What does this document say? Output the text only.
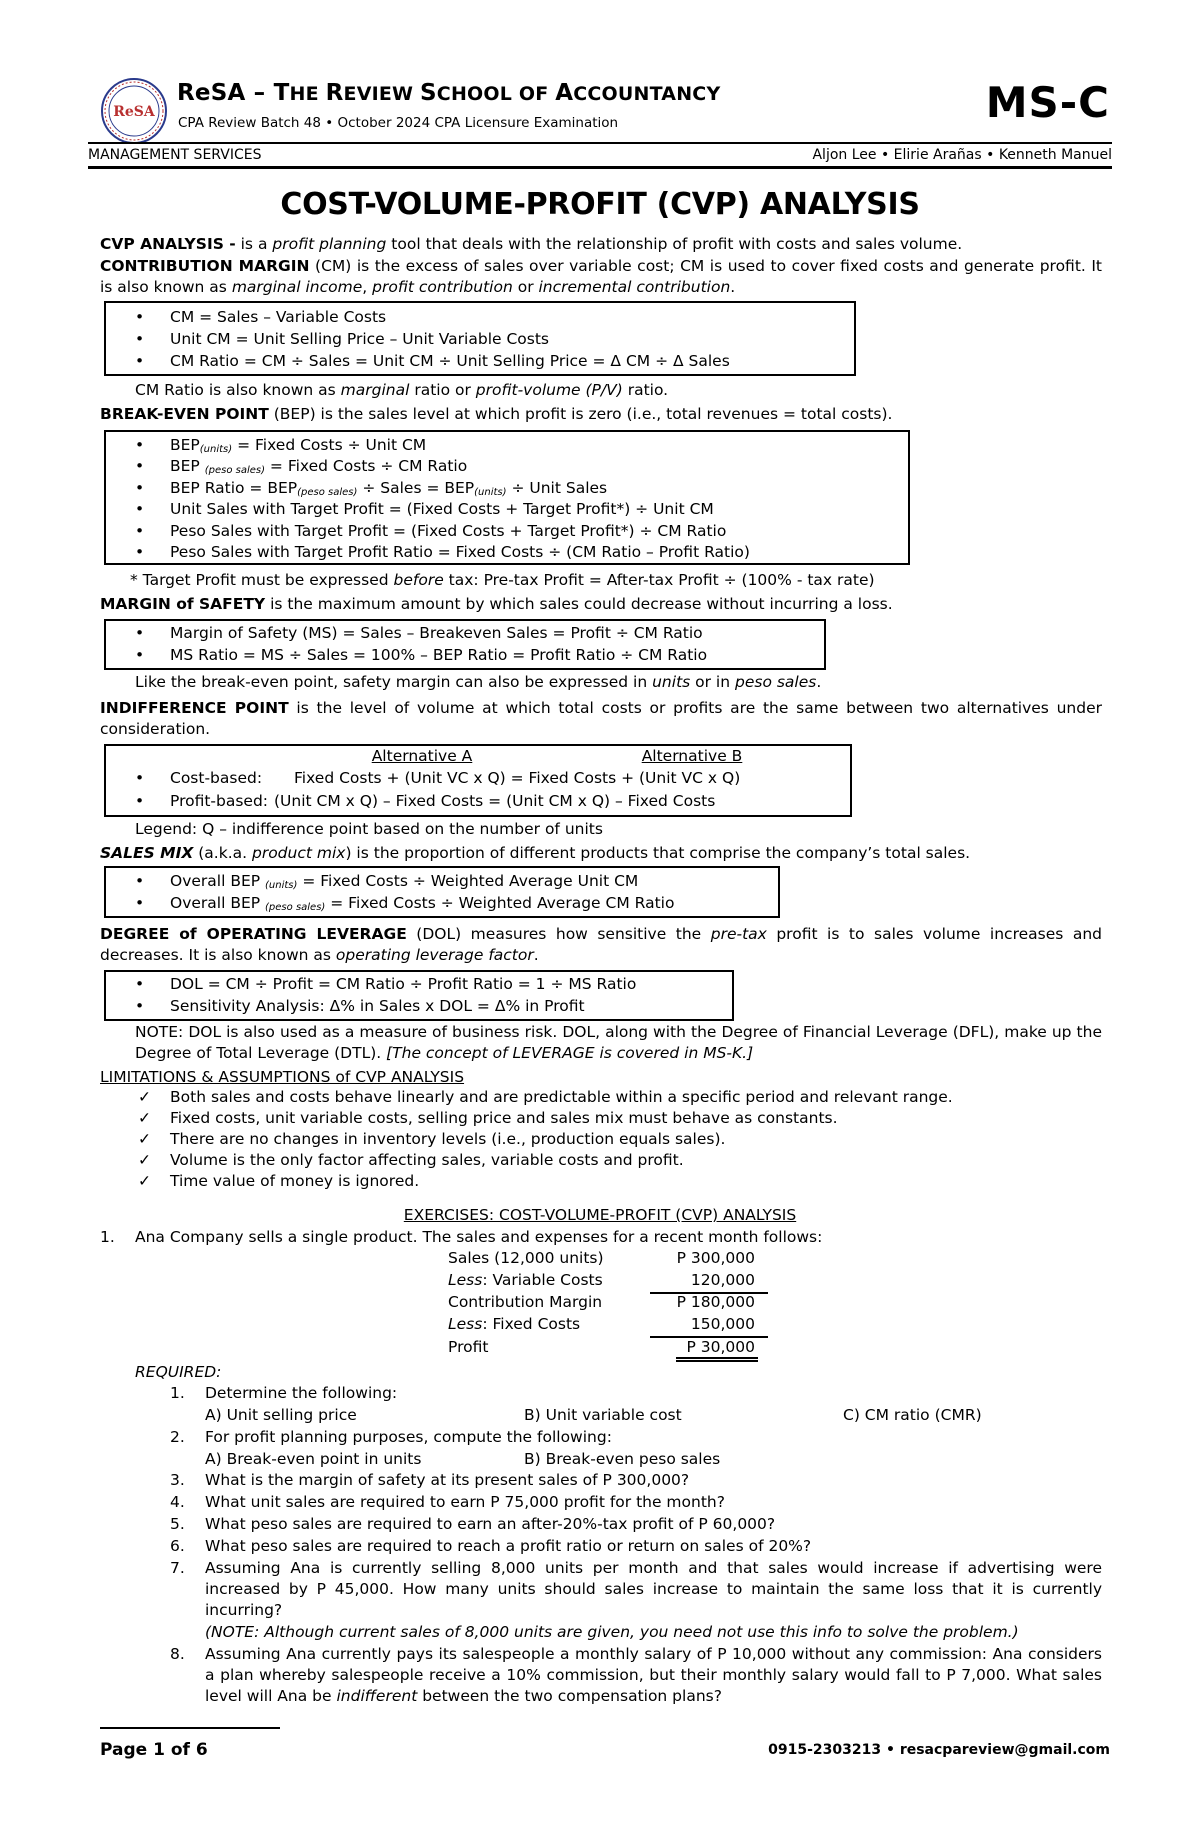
ReSA
ReSA – THE REVIEW SCHOOL OF ACCOUNTANCY
CPA Review Batch 48 • October 2024 CPA Licensure Examination	MS-C
MANAGEMENT SERVICES	Aljon Lee • Elirie Arañas • Kenneth Manuel
COST-VOLUME-PROFIT (CVP) ANALYSIS
CVP ANALYSIS - is a profit planning tool that deals with the relationship of profit with costs and sales volume.
CONTRIBUTION MARGIN (CM) is the excess of sales over variable cost; CM is used to cover fixed costs and generate profit. It is also known as marginal income, profit contribution or incremental contribution.
• CM = Sales – Variable Costs
• Unit CM = Unit Selling Price – Unit Variable Costs
• CM Ratio = CM ÷ Sales = Unit CM ÷ Unit Selling Price = Δ CM ÷ Δ Sales
CM Ratio is also known as marginal ratio or profit-volume (P/V) ratio.
BREAK-EVEN POINT (BEP) is the sales level at which profit is zero (i.e., total revenues = total costs).
• BEP(units) = Fixed Costs ÷ Unit CM
• BEP (peso sales) = Fixed Costs ÷ CM Ratio
• BEP Ratio = BEP(peso sales) ÷ Sales = BEP(units) ÷ Unit Sales
• Unit Sales with Target Profit = (Fixed Costs + Target Profit*) ÷ Unit CM
• Peso Sales with Target Profit = (Fixed Costs + Target Profit*) ÷ CM Ratio
• Peso Sales with Target Profit Ratio = Fixed Costs ÷ (CM Ratio – Profit Ratio)
* Target Profit must be expressed before tax: Pre-tax Profit = After-tax Profit ÷ (100% - tax rate)
MARGIN of SAFETY is the maximum amount by which sales could decrease without incurring a loss.
• Margin of Safety (MS) = Sales – Breakeven Sales = Profit ÷ CM Ratio
• MS Ratio = MS ÷ Sales = 100% – BEP Ratio = Profit Ratio ÷ CM Ratio
Like the break-even point, safety margin can also be expressed in units or in peso sales.
INDIFFERENCE POINT is the level of volume at which total costs or profits are the same between two alternatives under consideration.
Alternative A	Alternative B
• Cost-based: Fixed Costs + (Unit VC x Q) = Fixed Costs + (Unit VC x Q)
• Profit-based: (Unit CM x Q) – Fixed Costs = (Unit CM x Q) – Fixed Costs
Legend: Q – indifference point based on the number of units
SALES MIX (a.k.a. product mix) is the proportion of different products that comprise the company’s total sales.
• Overall BEP (units) = Fixed Costs ÷ Weighted Average Unit CM
• Overall BEP (peso sales) = Fixed Costs ÷ Weighted Average CM Ratio
DEGREE of OPERATING LEVERAGE (DOL) measures how sensitive the pre-tax profit is to sales volume increases and decreases. It is also known as operating leverage factor.
• DOL = CM ÷ Profit = CM Ratio ÷ Profit Ratio = 1 ÷ MS Ratio
• Sensitivity Analysis: Δ% in Sales x DOL = Δ% in Profit
NOTE: DOL is also used as a measure of business risk. DOL, along with the Degree of Financial Leverage (DFL), make up the Degree of Total Leverage (DTL). [The concept of LEVERAGE is covered in MS-K.]
LIMITATIONS & ASSUMPTIONS of CVP ANALYSIS
✓ Both sales and costs behave linearly and are predictable within a specific period and relevant range.
✓ Fixed costs, unit variable costs, selling price and sales mix must behave as constants.
✓ There are no changes in inventory levels (i.e., production equals sales).
✓ Volume is the only factor affecting sales, variable costs and profit.
✓ Time value of money is ignored.
EXERCISES: COST-VOLUME-PROFIT (CVP) ANALYSIS
1. Ana Company sells a single product. The sales and expenses for a recent month follows:
Sales (12,000 units)	P 300,000
Less: Variable Costs	120,000
Contribution Margin	P 180,000
Less: Fixed Costs	150,000
Profit	P 30,000
REQUIRED:
1. Determine the following:
A) Unit selling price	B) Unit variable cost	C) CM ratio (CMR)
2. For profit planning purposes, compute the following:
A) Break-even point in units	B) Break-even peso sales
3. What is the margin of safety at its present sales of P 300,000?
4. What unit sales are required to earn P 75,000 profit for the month?
5. What peso sales are required to earn an after-20%-tax profit of P 60,000?
6. What peso sales are required to reach a profit ratio or return on sales of 20%?
7. Assuming Ana is currently selling 8,000 units per month and that sales would increase if advertising were increased by P 45,000. How many units should sales increase to maintain the same loss that it is currently incurring?
(NOTE: Although current sales of 8,000 units are given, you need not use this info to solve the problem.)
8. Assuming Ana currently pays its salespeople a monthly salary of P 10,000 without any commission: Ana considers a plan whereby salespeople receive a 10% commission, but their monthly salary would fall to P 7,000. What sales level will Ana be indifferent between the two compensation plans?
Page 1 of 6	0915-2303213 • resacpareview@gmail.com
